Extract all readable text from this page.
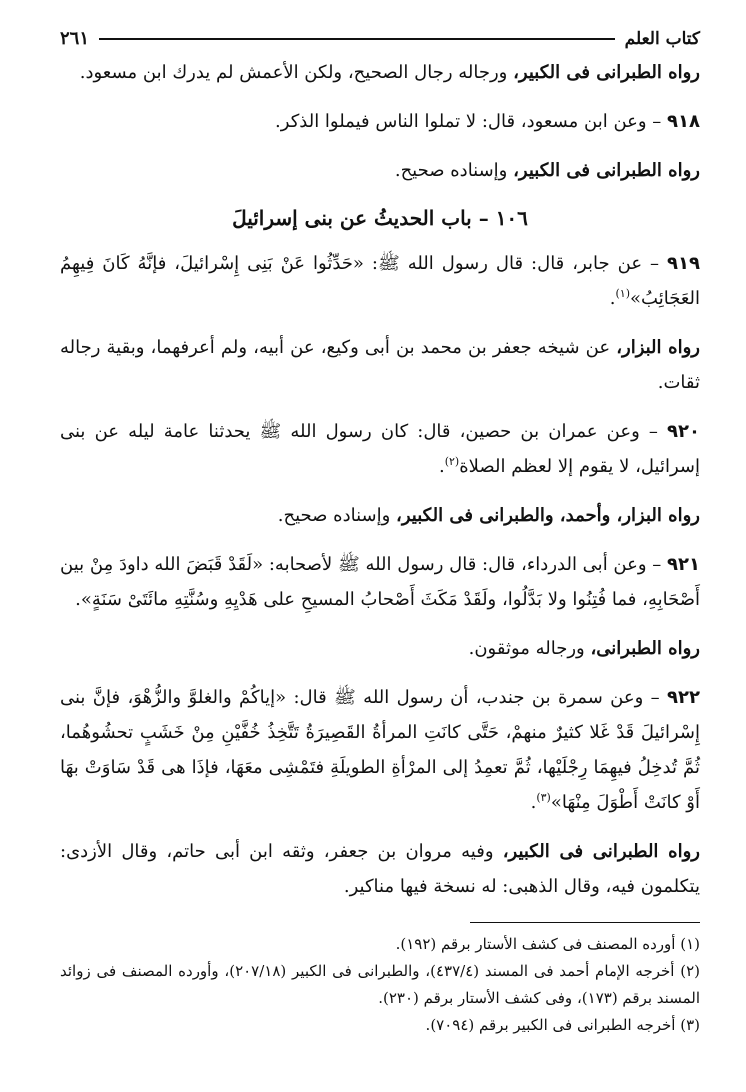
كتاب العلم
٢٦١

رواه الطبرانى فى الكبير، ورجاله رجال الصحيح، ولكن الأعمش لم يدرك ابن مسعود.

٩١٨ – وعن ابن مسعود، قال: لا تملوا الناس فيملوا الذكر.

رواه الطبرانى فى الكبير، وإسناده صحيح.

١٠٦ – باب الحديثُ عن بنى إسرائيلَ

٩١٩ – عن جابر، قال: قال رسول الله ﷺ: «حَدِّثُوا عَنْ بَنِى إِسْرائيلَ، فإنَّهُ كَانَ فِيهِمُ العَجَائِبُ»$^{(١)}$.

رواه البزار، عن شيخه جعفر بن محمد بن أبى وكيع، عن أبيه، ولم أعرفهما، وبقية رجاله ثقات.

٩٢٠ – وعن عمران بن حصين، قال: كان رسول الله ﷺ يحدثنا عامة ليله عن بنى إسرائيل، لا يقوم إلا لعظم الصلاة$^{(٢)}$.

رواه البزار، وأحمد، والطبرانى فى الكبير، وإسناده صحيح.

٩٢١ – وعن أبى الدرداء، قال: قال رسول الله ﷺ لأصحابه: «لَقَدْ قَبَضَ الله داودَ مِنْ بين أَصْحَابِهِ، فما فُتِنُوا ولا بَدَّلُوا، ولَقَدْ مَكَثَ أَصْحابُ المسيحِ على هَدْيِهِ وسُنَّتِهِ مائَتَىْ سَنَةٍ».

رواه الطبرانى، ورجاله موثقون.

٩٢٢ – وعن سمرة بن جندب، أن رسول الله ﷺ قال: «إياكُمْ والغلوَّ والزُّهْوَ، فإنَّ بنى إِسْرائيلَ قَدْ غَلا كثيرٌ منهمْ، حَتَّى كانَتِ المرأةُ القَصِيرَةُ تَتَّخِذُ خُفَّيْنِ مِنْ خَشَبٍ تحشُوهُما، ثُمَّ تُدخِلُ فيهِمَا رِجْلَيْها، ثُمَّ تعمِدُ إلى المرْأةِ الطويلَةِ فتَمْشِى معَهَا، فإذَا هى قَدْ سَاوَتْ بهَا أَوْ كانَتْ أَطْوَلَ مِنْهَا»$^{(٣)}$.

رواه الطبرانى فى الكبير، وفيه مروان بن جعفر، وثقه ابن أبى حاتم، وقال الأزدى: يتكلمون فيه، وقال الذهبى: له نسخة فيها مناكير.

(١) أورده المصنف فى كشف الأستار برقم (١٩٢).

(٢) أخرجه الإمام أحمد فى المسند (٤٣٧/٤)، والطبرانى فى الكبير (٢٠٧/١٨)، وأورده المصنف فى زوائد المسند برقم (١٧٣)، وفى كشف الأستار برقم (٢٣٠).

(٣) أخرجه الطبرانى فى الكبير برقم (٧٠٩٤).
